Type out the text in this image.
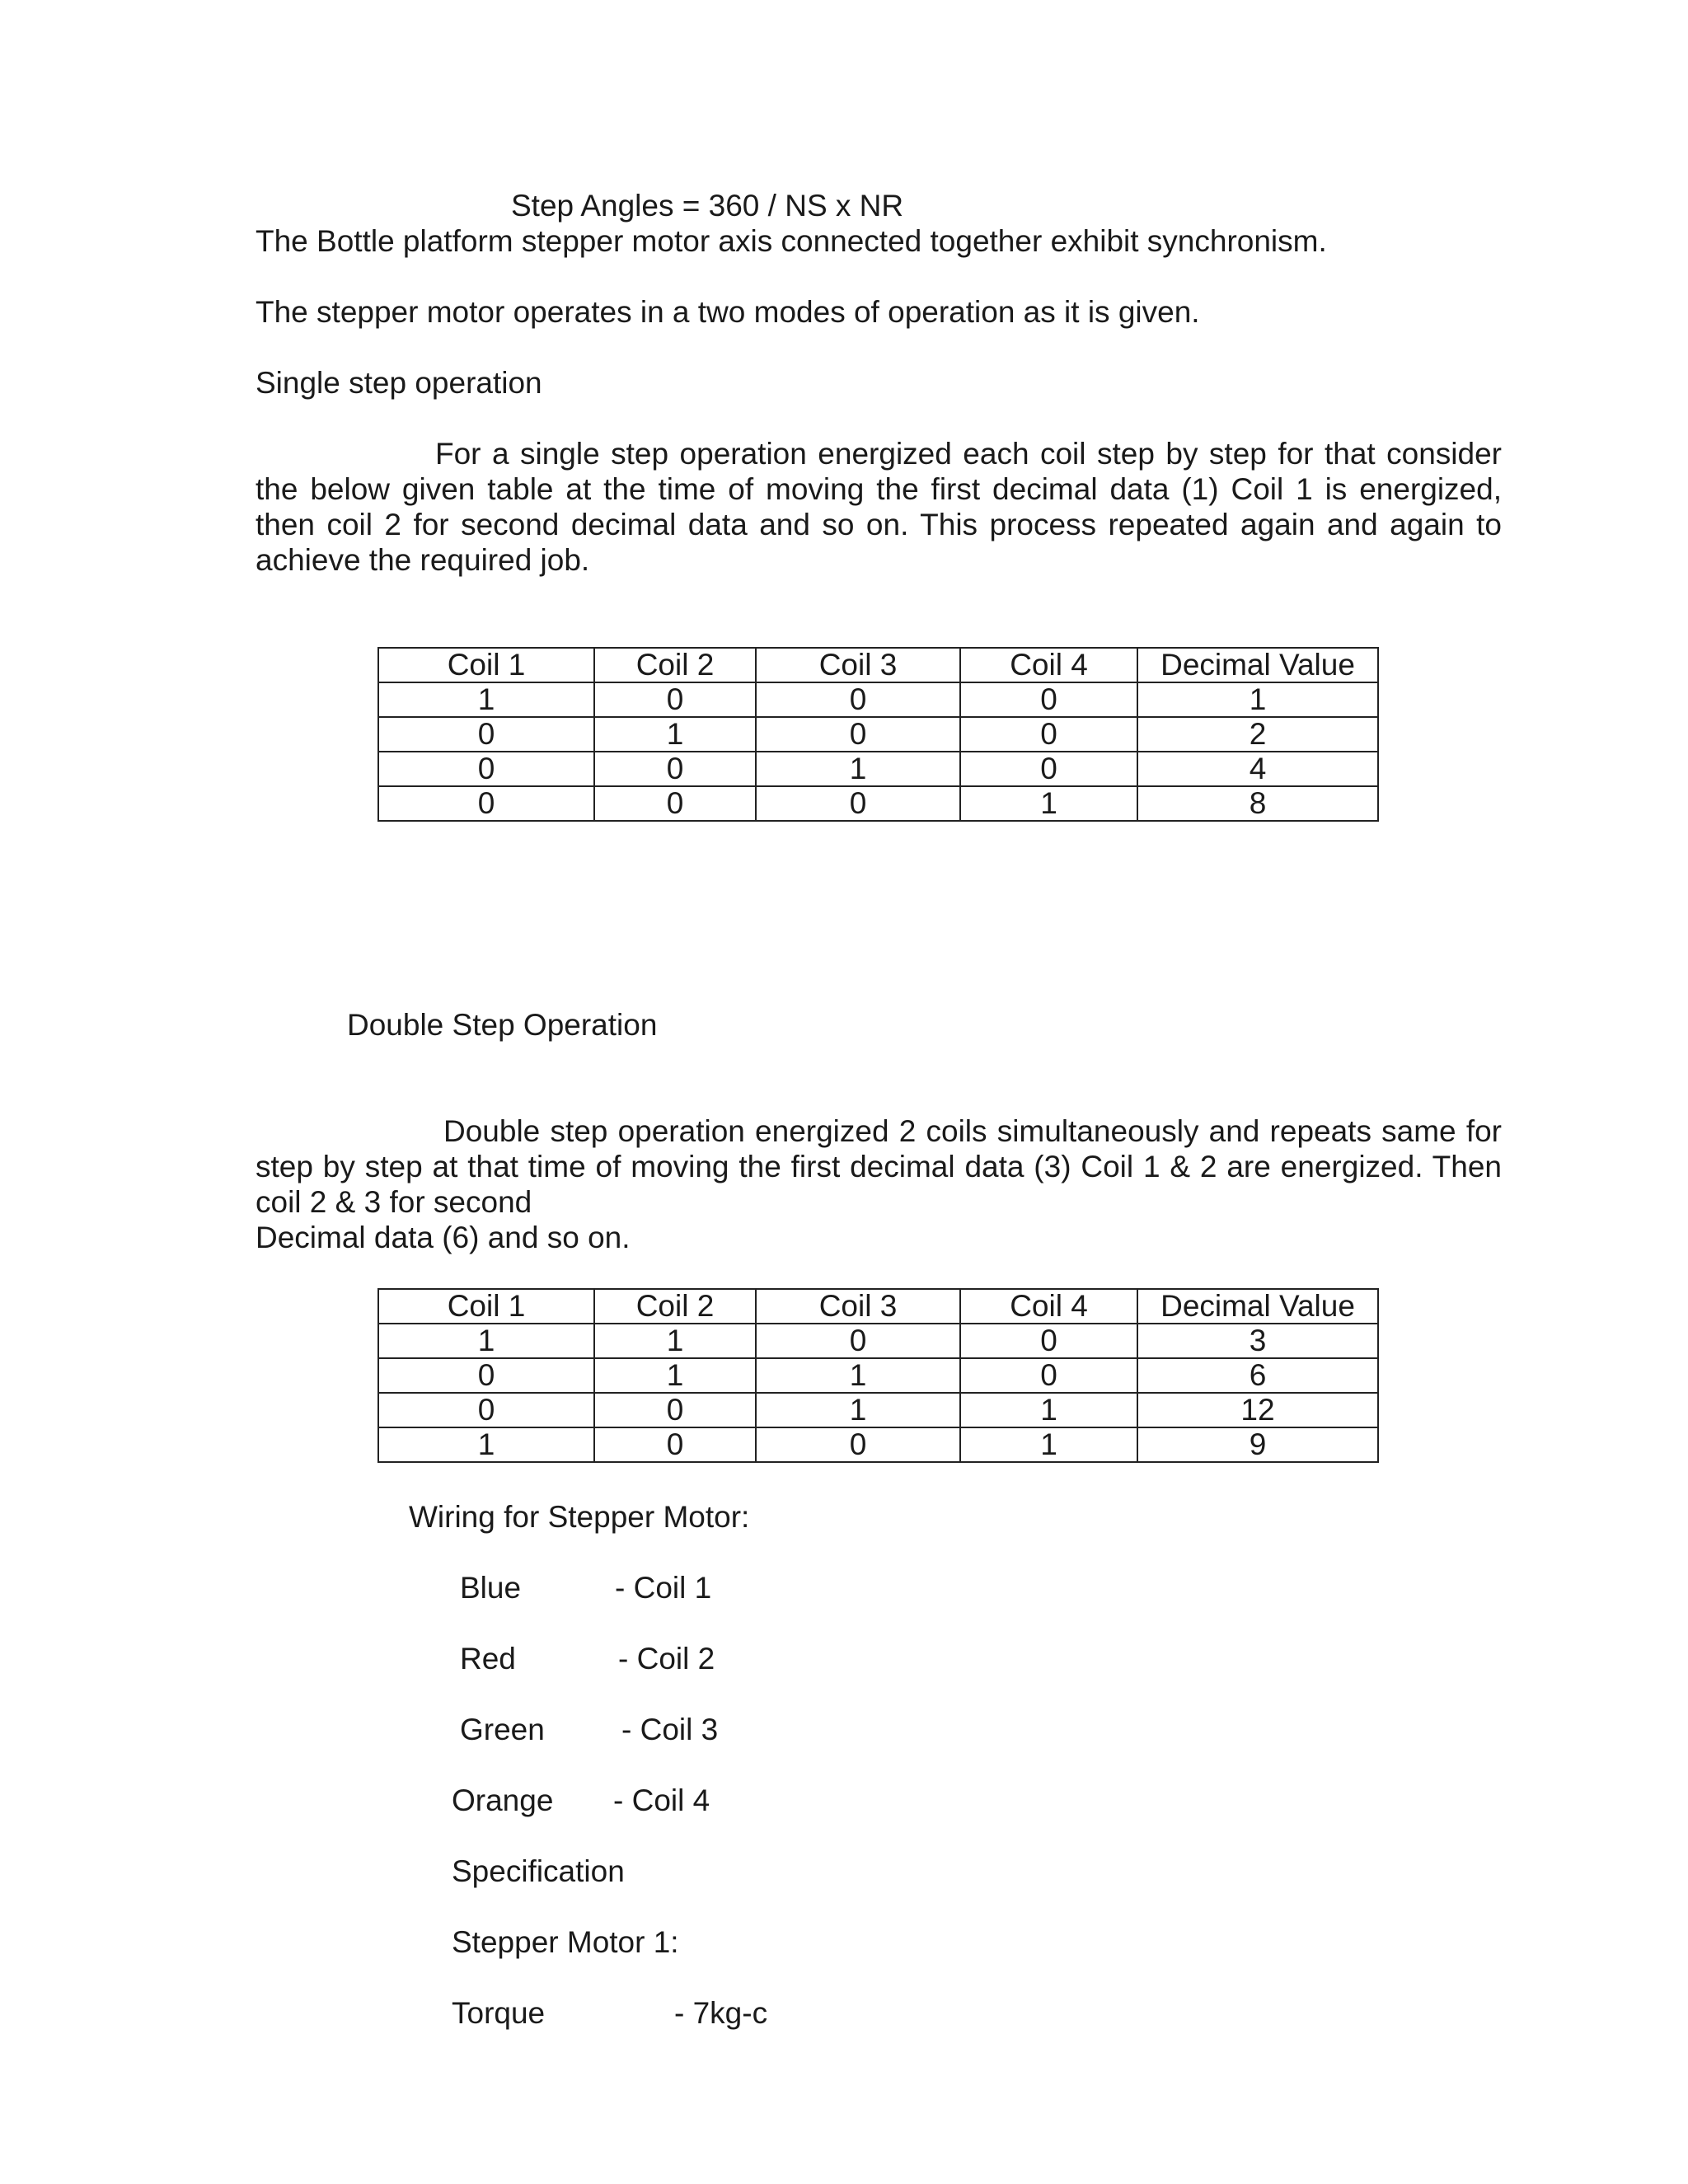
Step Angles = 360 / NS x NR
The Bottle platform stepper motor axis connected together exhibit synchronism.
The stepper motor operates in a two modes of operation as it is given.
Single step operation
For a single step operation energized each coil step by step for that consider the below given table at the time of moving the first decimal data (1) Coil 1 is energized, then coil 2 for second decimal data and so on. This process repeated again and again to achieve the required job.
Coil 1	Coil 2	Coil 3	Coil 4	Decimal Value
1	0	0	0	1
0	1	0	0	2
0	0	1	0	4
0	0	0	1	8
Double Step Operation
Double step operation energized 2 coils simultaneously and repeats same for step by step at that time of moving the first decimal data (3) Coil 1 & 2 are energized. Then coil 2 & 3 for second
Decimal data (6) and so on.
Coil 1	Coil 2	Coil 3	Coil 4	Decimal Value
1	1	0	0	3
0	1	1	0	6
0	0	1	1	12
1	0	0	1	9
Wiring for Stepper Motor:
Blue	- Coil 1
Red	- Coil 2
Green	- Coil 3
Orange - Coil 4
Specification
Stepper Motor 1:
Torque	- 7kg-c
